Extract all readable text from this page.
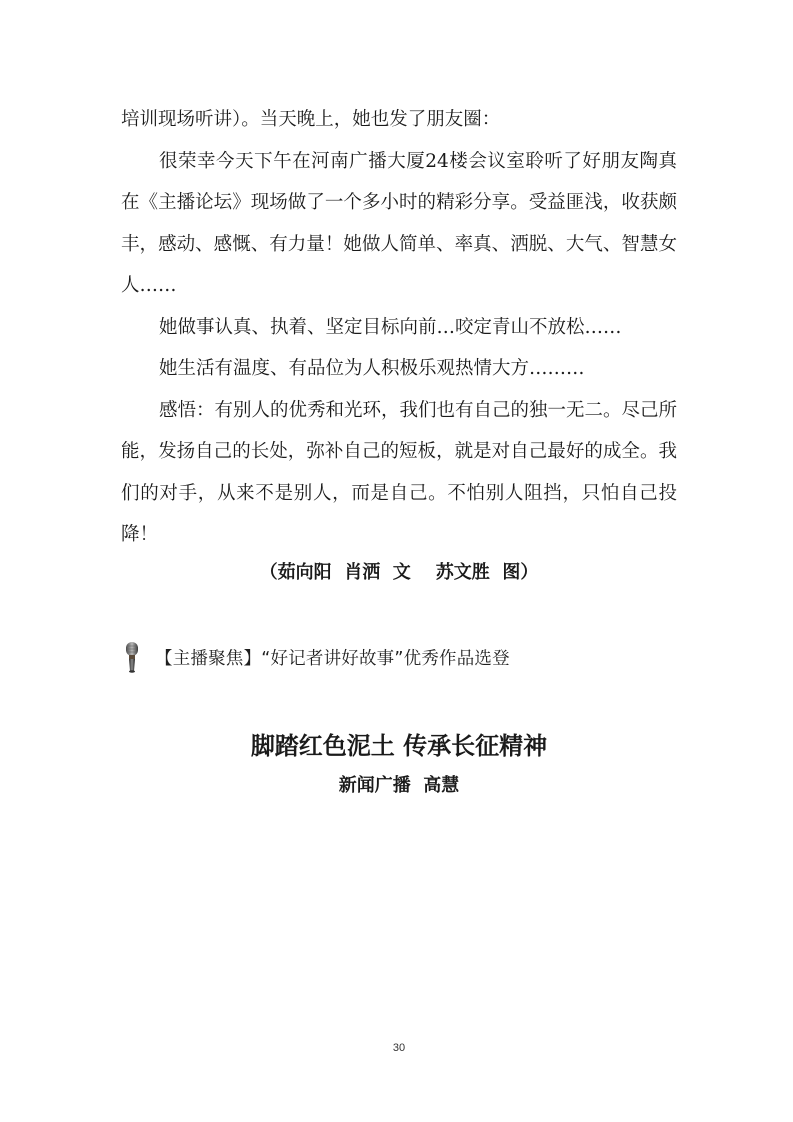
培训现场听讲）。当天晚上，她也发了朋友圈：

很荣幸今天下午在河南广播大厦24楼会议室聆听了好朋友陶真在《主播论坛》现场做了一个多小时的精彩分享。受益匪浅，收获颇丰，感动、感慨、有力量！她做人简单、率真、洒脱、大气、智慧女人……

她做事认真、执着、坚定目标向前…咬定青山不放松……

她生活有温度、有品位为人积极乐观热情大方………

感悟：有别人的优秀和光环，我们也有自己的独一无二。尽己所能，发扬自己的长处，弥补自己的短板，就是对自己最好的成全。我们的对手，从来不是别人，而是自己。不怕别人阻挡，只怕自己投降！

（茹向阳  肖洒  文    苏文胜  图）
【主播聚焦】“好记者讲好故事”优秀作品选登
脚踏红色泥土 传承长征精神
新闻广播  高慧
30
